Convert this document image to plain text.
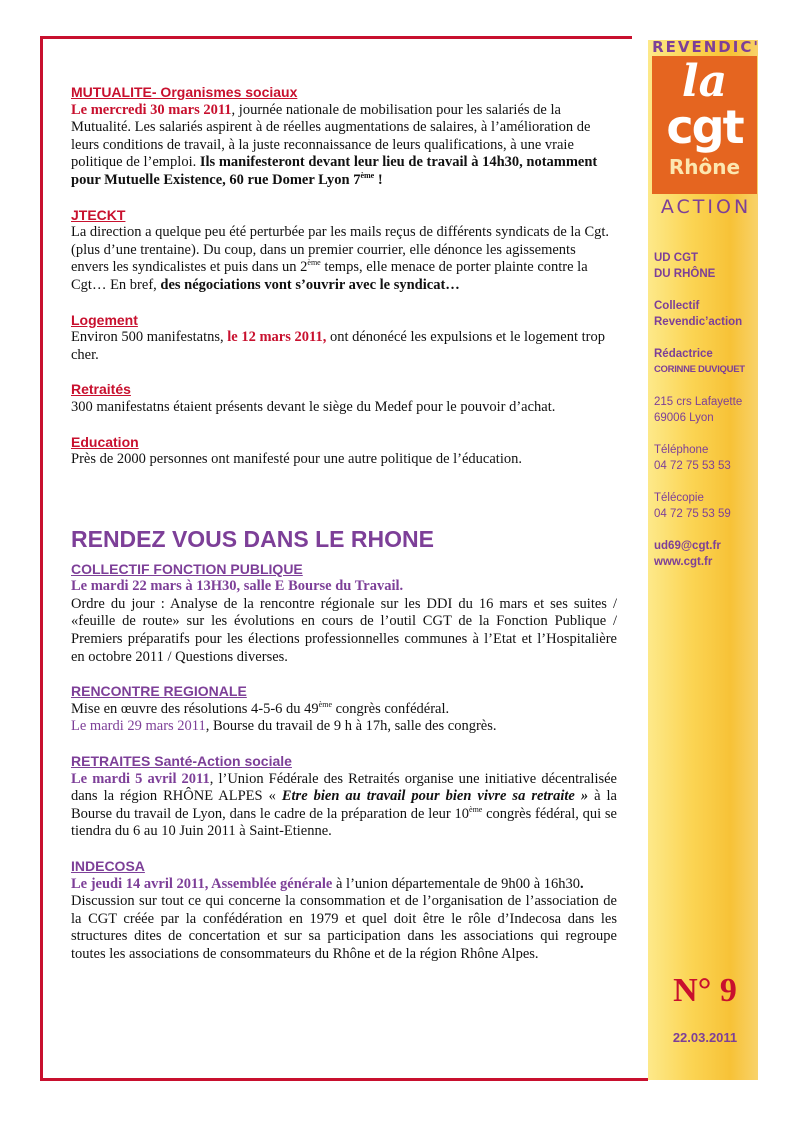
REVENDIC'
la
cgt
Rhône
ACTION
UD CGT
DU RHÔNE
Collectif
Revendic’action
Rédactrice
CORINNE DUVIQUET
215 crs Lafayette
69006 Lyon
Téléphone
04 72 75 53 53
Télécopie
04 72 75 53 59
ud69@cgt.fr
www.cgt.fr
N° 9
22.03.2011
MUTUALITE- Organismes sociaux
Le mercredi 30 mars 2011, journée nationale de mobilisation pour les salariés de la Mutualité. Les salariés aspirent à de réelles augmentations de salaires, à l’amélioration de leurs conditions de travail, à la juste reconnaissance de leurs qualifications, à une vraie politique de l’emploi. Ils manifesteront devant leur lieu de travail à 14h30, notamment pour Mutuelle Existence, 60 rue Domer Lyon 7ème !
JTECKT
La direction a quelque peu été perturbée par les mails reçus de différents syndicats de la Cgt. (plus d’une trentaine). Du coup, dans un premier courrier, elle dénonce les agissements envers les syndicalistes et puis dans un 2ème temps, elle menace de porter plainte contre la Cgt… En bref, des négociations vont s’ouvrir avec le syndicat…
Logement
Environ 500 manifestatns, le 12 mars 2011, ont dénonécé les expulsions et le logement trop cher.
Retraités
300 manifestatns étaient présents devant le siège du Medef pour le pouvoir d’achat.
Education
Près de 2000 personnes ont manifesté pour une autre politique de l’éducation.
RENDEZ VOUS DANS LE RHONE
COLLECTIF FONCTION PUBLIQUE
Le mardi 22 mars à 13H30, salle E Bourse du Travail.
Ordre du jour : Analyse de la rencontre régionale sur les DDI du 16 mars et ses suites / «feuille de route» sur les évolutions en cours de l’outil CGT de la Fonction Publique / Premiers préparatifs pour les élections professionnelles communes à l’Etat et l’Hospitalière en octobre 2011 / Questions diverses.
RENCONTRE REGIONALE
Mise en œuvre des résolutions 4-5-6 du 49ème congrès confédéral.
Le mardi 29 mars 2011, Bourse du travail de 9 h à 17h, salle des congrès.
RETRAITES Santé-Action sociale
Le mardi 5 avril 2011, l’Union Fédérale des Retraités organise une initiative décentralisée dans la région RHÔNE ALPES « Etre bien au travail pour bien vivre sa retraite » à la Bourse du travail de Lyon, dans le cadre de la préparation de leur 10ème congrès fédéral, qui se tiendra du 6 au 10 Juin 2011 à Saint-Etienne.
INDECOSA
Le jeudi 14 avril 2011, Assemblée générale à l’union départementale de 9h00 à 16h30.
Discussion sur tout ce qui concerne la consommation et de l’organisation de l’association de la CGT créée par la confédération en 1979 et quel doit être le rôle d’Indecosa dans les structures dites de concertation et sur sa participation dans les associations qui regroupe toutes les associations de consommateurs du Rhône et de la région Rhône Alpes.
